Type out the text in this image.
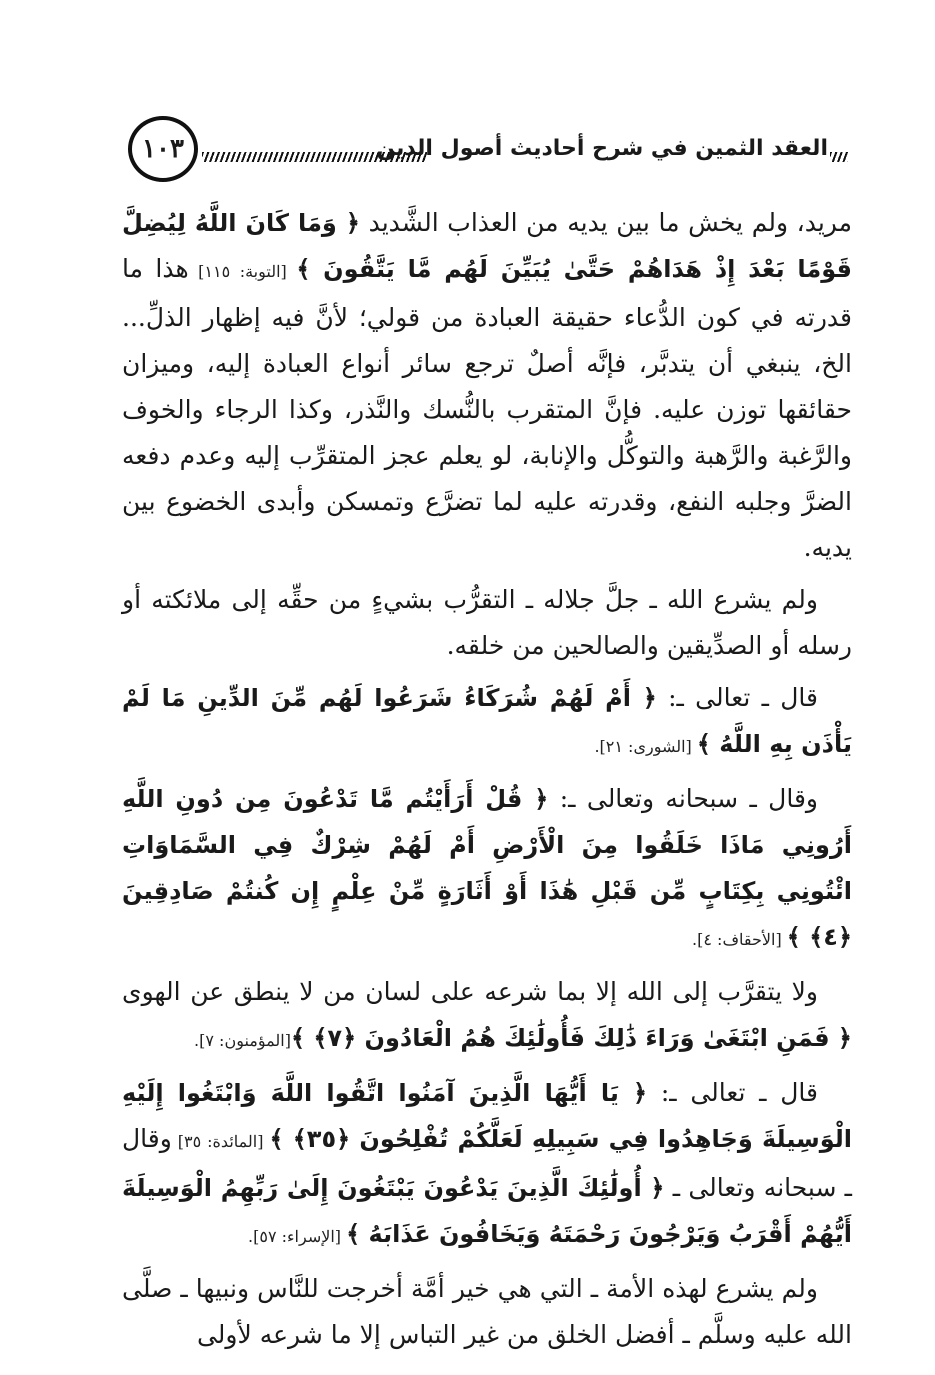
١٠٣	العقد الثمين في شرح أحاديث أصول الدين

مريد، ولم يخش ما بين يديه من العذاب الشَّديد ﴿ وَمَا كَانَ اللَّهُ لِيُضِلَّ قَوْمًا بَعْدَ إِذْ هَدَاهُمْ حَتَّىٰ يُبَيِّنَ لَهُم مَّا يَتَّقُونَ ﴾ [التوبة: ١١٥] هذا ما قدرته في كون الدُّعاء حقيقة العبادة من قولي؛ لأنَّ فيه إظهار الذلِّ... الخ، ينبغي أن يتدبَّر، فإنَّه أصلٌ ترجع سائر أنواع العبادة إليه، وميزان حقائقها توزن عليه. فإنَّ المتقرب بالنُّسك والنَّذر، وكذا الرجاء والخوف والرَّغبة والرَّهبة والتوكُّل والإنابة، لو يعلم عجز المتقرِّب إليه وعدم دفعه الضرَّ وجلبه النفع، وقدرته عليه لما تضرَّع وتمسكن وأبدى الخضوع بين يديه.

ولم يشرع الله ـ جلَّ جلاله ـ التقرُّب بشيءٍ من حقِّه إلى ملائكته أو رسله أو الصدِّيقين والصالحين من خلقه.

قال ـ تعالى ـ: ﴿ أَمْ لَهُمْ شُرَكَاءُ شَرَعُوا لَهُم مِّنَ الدِّينِ مَا لَمْ يَأْذَن بِهِ اللَّهُ ﴾ [الشورى: ٢١].

وقال ـ سبحانه وتعالى ـ: ﴿ قُلْ أَرَأَيْتُم مَّا تَدْعُونَ مِن دُونِ اللَّهِ أَرُونِي مَاذَا خَلَقُوا مِنَ الْأَرْضِ أَمْ لَهُمْ شِرْكٌ فِي السَّمَاوَاتِ ائْتُونِي بِكِتَابٍ مِّن قَبْلِ هَٰذَا أَوْ أَثَارَةٍ مِّنْ عِلْمٍ إِن كُنتُمْ صَادِقِينَ ﴿٤﴾ ﴾ [الأحقاف: ٤].

ولا يتقرَّب إلى الله إلا بما شرعه على لسان من لا ينطق عن الهوى ﴿ فَمَنِ ابْتَغَىٰ وَرَاءَ ذَٰلِكَ فَأُولَٰئِكَ هُمُ الْعَادُونَ ﴿٧﴾ ﴾[المؤمنون: ٧].

قال ـ تعالى ـ: ﴿ يَا أَيُّهَا الَّذِينَ آمَنُوا اتَّقُوا اللَّهَ وَابْتَغُوا إِلَيْهِ الْوَسِيلَةَ وَجَاهِدُوا فِي سَبِيلِهِ لَعَلَّكُمْ تُفْلِحُونَ ﴿٣٥﴾ ﴾ [المائدة: ٣٥] وقال ـ سبحانه وتعالى ـ ﴿ أُولَٰئِكَ الَّذِينَ يَدْعُونَ يَبْتَغُونَ إِلَىٰ رَبِّهِمُ الْوَسِيلَةَ أَيُّهُمْ أَقْرَبُ وَيَرْجُونَ رَحْمَتَهُ وَيَخَافُونَ عَذَابَهُ ﴾ [الإسراء: ٥٧].

ولم يشرع لهذه الأمة ـ التي هي خير أمَّة أخرجت للنَّاس ونبيها ـ صلَّى الله عليه وسلَّم ـ أفضل الخلق من غير التباس إلا ما شرعه لأولى
